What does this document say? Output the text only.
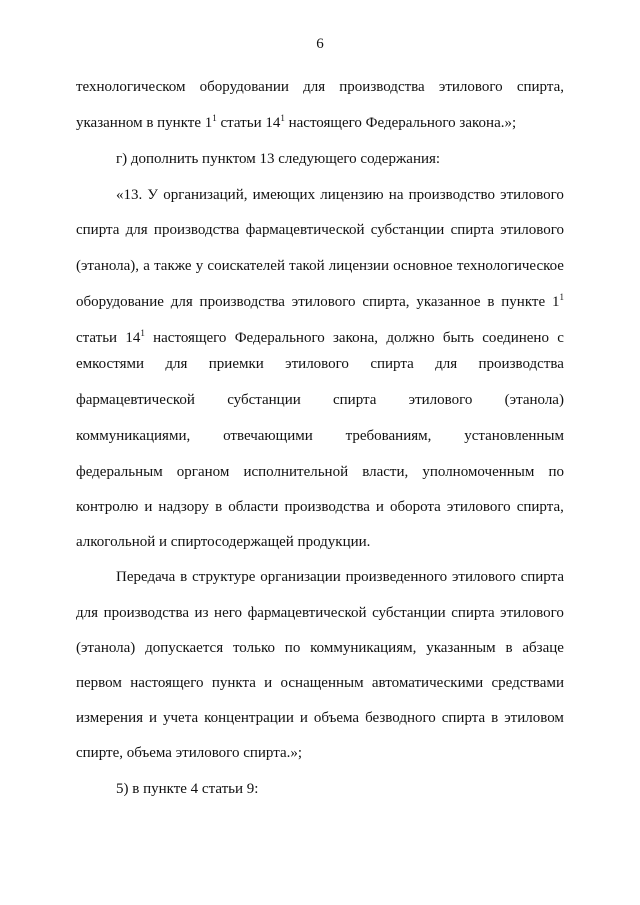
6
технологическом оборудовании для производства этилового спирта,
указанном в пункте $1^1$ статьи $14^1$ настоящего Федерального закона.»;
г) дополнить пунктом 13 следующего содержания:
«13. У организаций, имеющих лицензию на производство этилового
спирта для производства фармацевтической субстанции спирта этилового
(этанола), а также у соискателей такой лицензии основное технологическое
оборудование для производства этилового спирта, указанное в пункте $1^1$
статьи $14^1$ настоящего Федерального закона, должно быть соединено с
емкостями для приемки этилового спирта для производства
фармацевтической субстанции спирта этилового (этанола)
коммуникациями, отвечающими требованиям, установленным
федеральным органом исполнительной власти, уполномоченным по
контролю и надзору в области производства и оборота этилового спирта,
алкогольной и спиртосодержащей продукции.
Передача в структуре организации произведенного этилового спирта
для производства из него фармацевтической субстанции спирта этилового
(этанола) допускается только по коммуникациям, указанным в абзаце
первом настоящего пункта и оснащенным автоматическими средствами
измерения и учета концентрации и объема безводного спирта в этиловом
спирте, объема этилового спирта.»;
5) в пункте 4 статьи 9:
